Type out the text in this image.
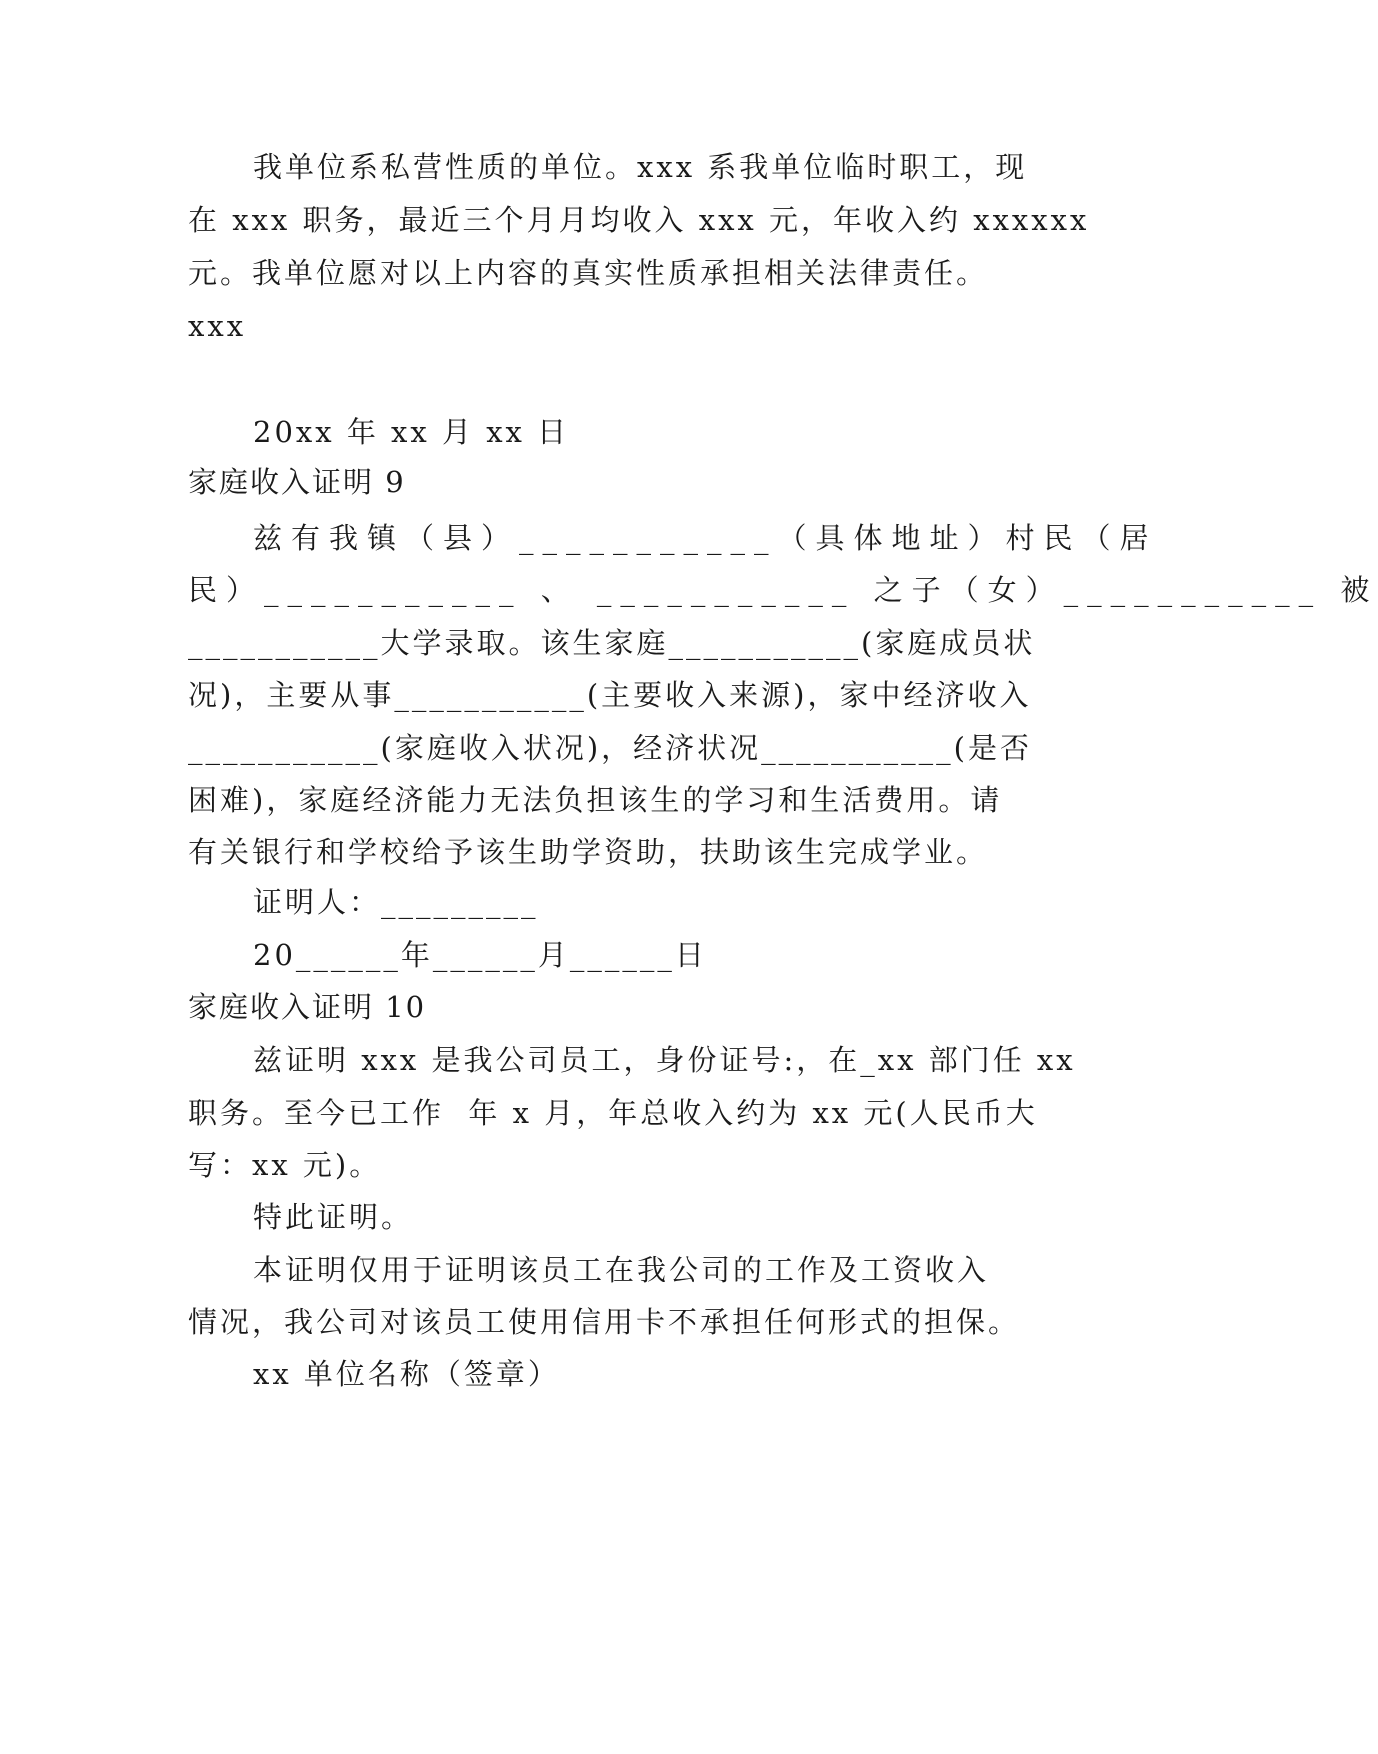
我单位系私营性质的单位。xxx 系我单位临时职工，现
在 xxx 职务，最近三个月月均收入 xxx 元，年收入约 xxxxxx
元。我单位愿对以上内容的真实性质承担相关法律责任。
xxx
20xx 年 xx 月 xx 日
家庭收入证明 9
兹有我镇（县）___________（具体地址）村民（居
民）___________ 、 ___________ 之子（女）___________ 被
___________大学录取。该生家庭___________(家庭成员状
况)，主要从事___________(主要收入来源)，家中经济收入
___________(家庭收入状况)，经济状况___________(是否
困难)，家庭经济能力无法负担该生的学习和生活费用。请
有关银行和学校给予该生助学资助，扶助该生完成学业。
证明人：_________
20______年______月______日
家庭收入证明 10
兹证明 xxx 是我公司员工，身份证号:，在_xx 部门任 xx
职务。至今已工作  年 x 月，年总收入约为 xx 元(人民币大
写：xx 元)。
特此证明。
本证明仅用于证明该员工在我公司的工作及工资收入
情况，我公司对该员工使用信用卡不承担任何形式的担保。
xx 单位名称（签章）
